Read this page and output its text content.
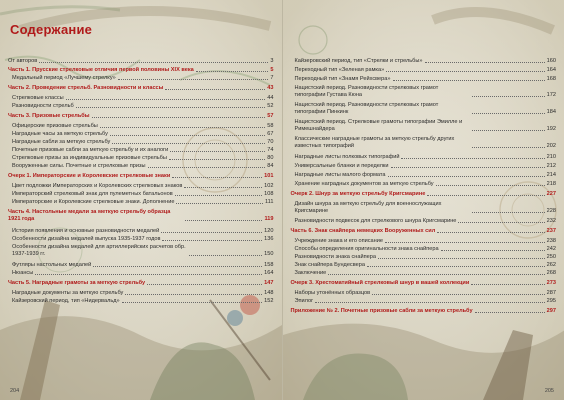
Содержание
От авторов	3
Часть 1. Прусские стрелковые отличия первой половины XIX века	5
Медальный период «Лучшему стрелку»	7
Часть 2. Проведение стрельб. Разновидности и классы	43
Стрелковые классы	44
Разновидности стрельб	52
Часть 3. Призовые стрельбы	57
Офицерские призовые стрельбы	58
Наградные часы за меткую стрельбу	67
Наградные сабли за меткую стрельбу	70
Почетные призовые сабли за меткую стрельбу и их аналоги	74
Стрелковые призы за индивидуальные призовые стрельбы	80
Вооруженные силы. Почетные и стрелковые призы	84
Очерк 1. Императорские и Королевские стрелковые знаки	101
Цвет подложки Императорских и Королевских стрелковых знаков	102
Императорский стрелковый знак для пулеметных батальонов	108
Императорские и Королевские стрелковые знаки. Дополнение	111
Часть 4. Настольные медали за меткую стрельбу образца 1921 года	119
История появления и основные разновидности медалей	120
Особенности дизайна медалей выпуска 1935-1937 годов	136
Особенности дизайна медалей для артиллерийских расчетов обр. 1937-1939 гг.	150
Футляры настольных медалей	158
Нюансы	164
Часть 5. Наградные грамоты за меткую стрельбу	147
Наградные документы за меткую стрельбу	148
Кайзеровский период, тип «Нидервальд»	152
204
Кайзеровский период, тип «Стрелки и стрельбы»	160
Переходный тип «Зеленая рамка»	164
Переходный тип «Знамя Рейхсвера»	168
Нацистский период. Разновидности стрелковых грамот типографии Густава Кюна	172
Нацистский период. Разновидности стрелковых грамот типографии Пинкинк	184
Нацистский период. Стрелковые грамоты типографии Эмилле и Римешнайдера	192
Классические наградные грамоты за меткую стрельбу других известных типографий	202
Наградные листы полковых типографий	210
Универсальные бланки и переделки	212
Наградные листы малого формата	214
Хранение наградных документов за меткую стрельбу	218
Очерк 2. Шнур за меткую стрельбу Кригсмарине	227
Дизайн шнура за меткую стрельбу для военнослужащих Кригсмарине	228
Разновидности подвесок для стрелкового шнура Кригсмарине	232
Часть 6. Знак снайпера немецких Вооруженных сил	237
Учреждение знака и его описание	238
Способы определения оригинальности знака снайпера	242
Разновидности знака снайпера	250
Знак снайпера Бундесвера	262
Заключение	268
Очерк 3. Хрестоматийный стрелковый шнур в вашей коллекции	273
Наборы утонённых образцов	287
Эпилог	295
Приложение № 2. Почетные призовые сабли за меткую стрельбу	297
205
